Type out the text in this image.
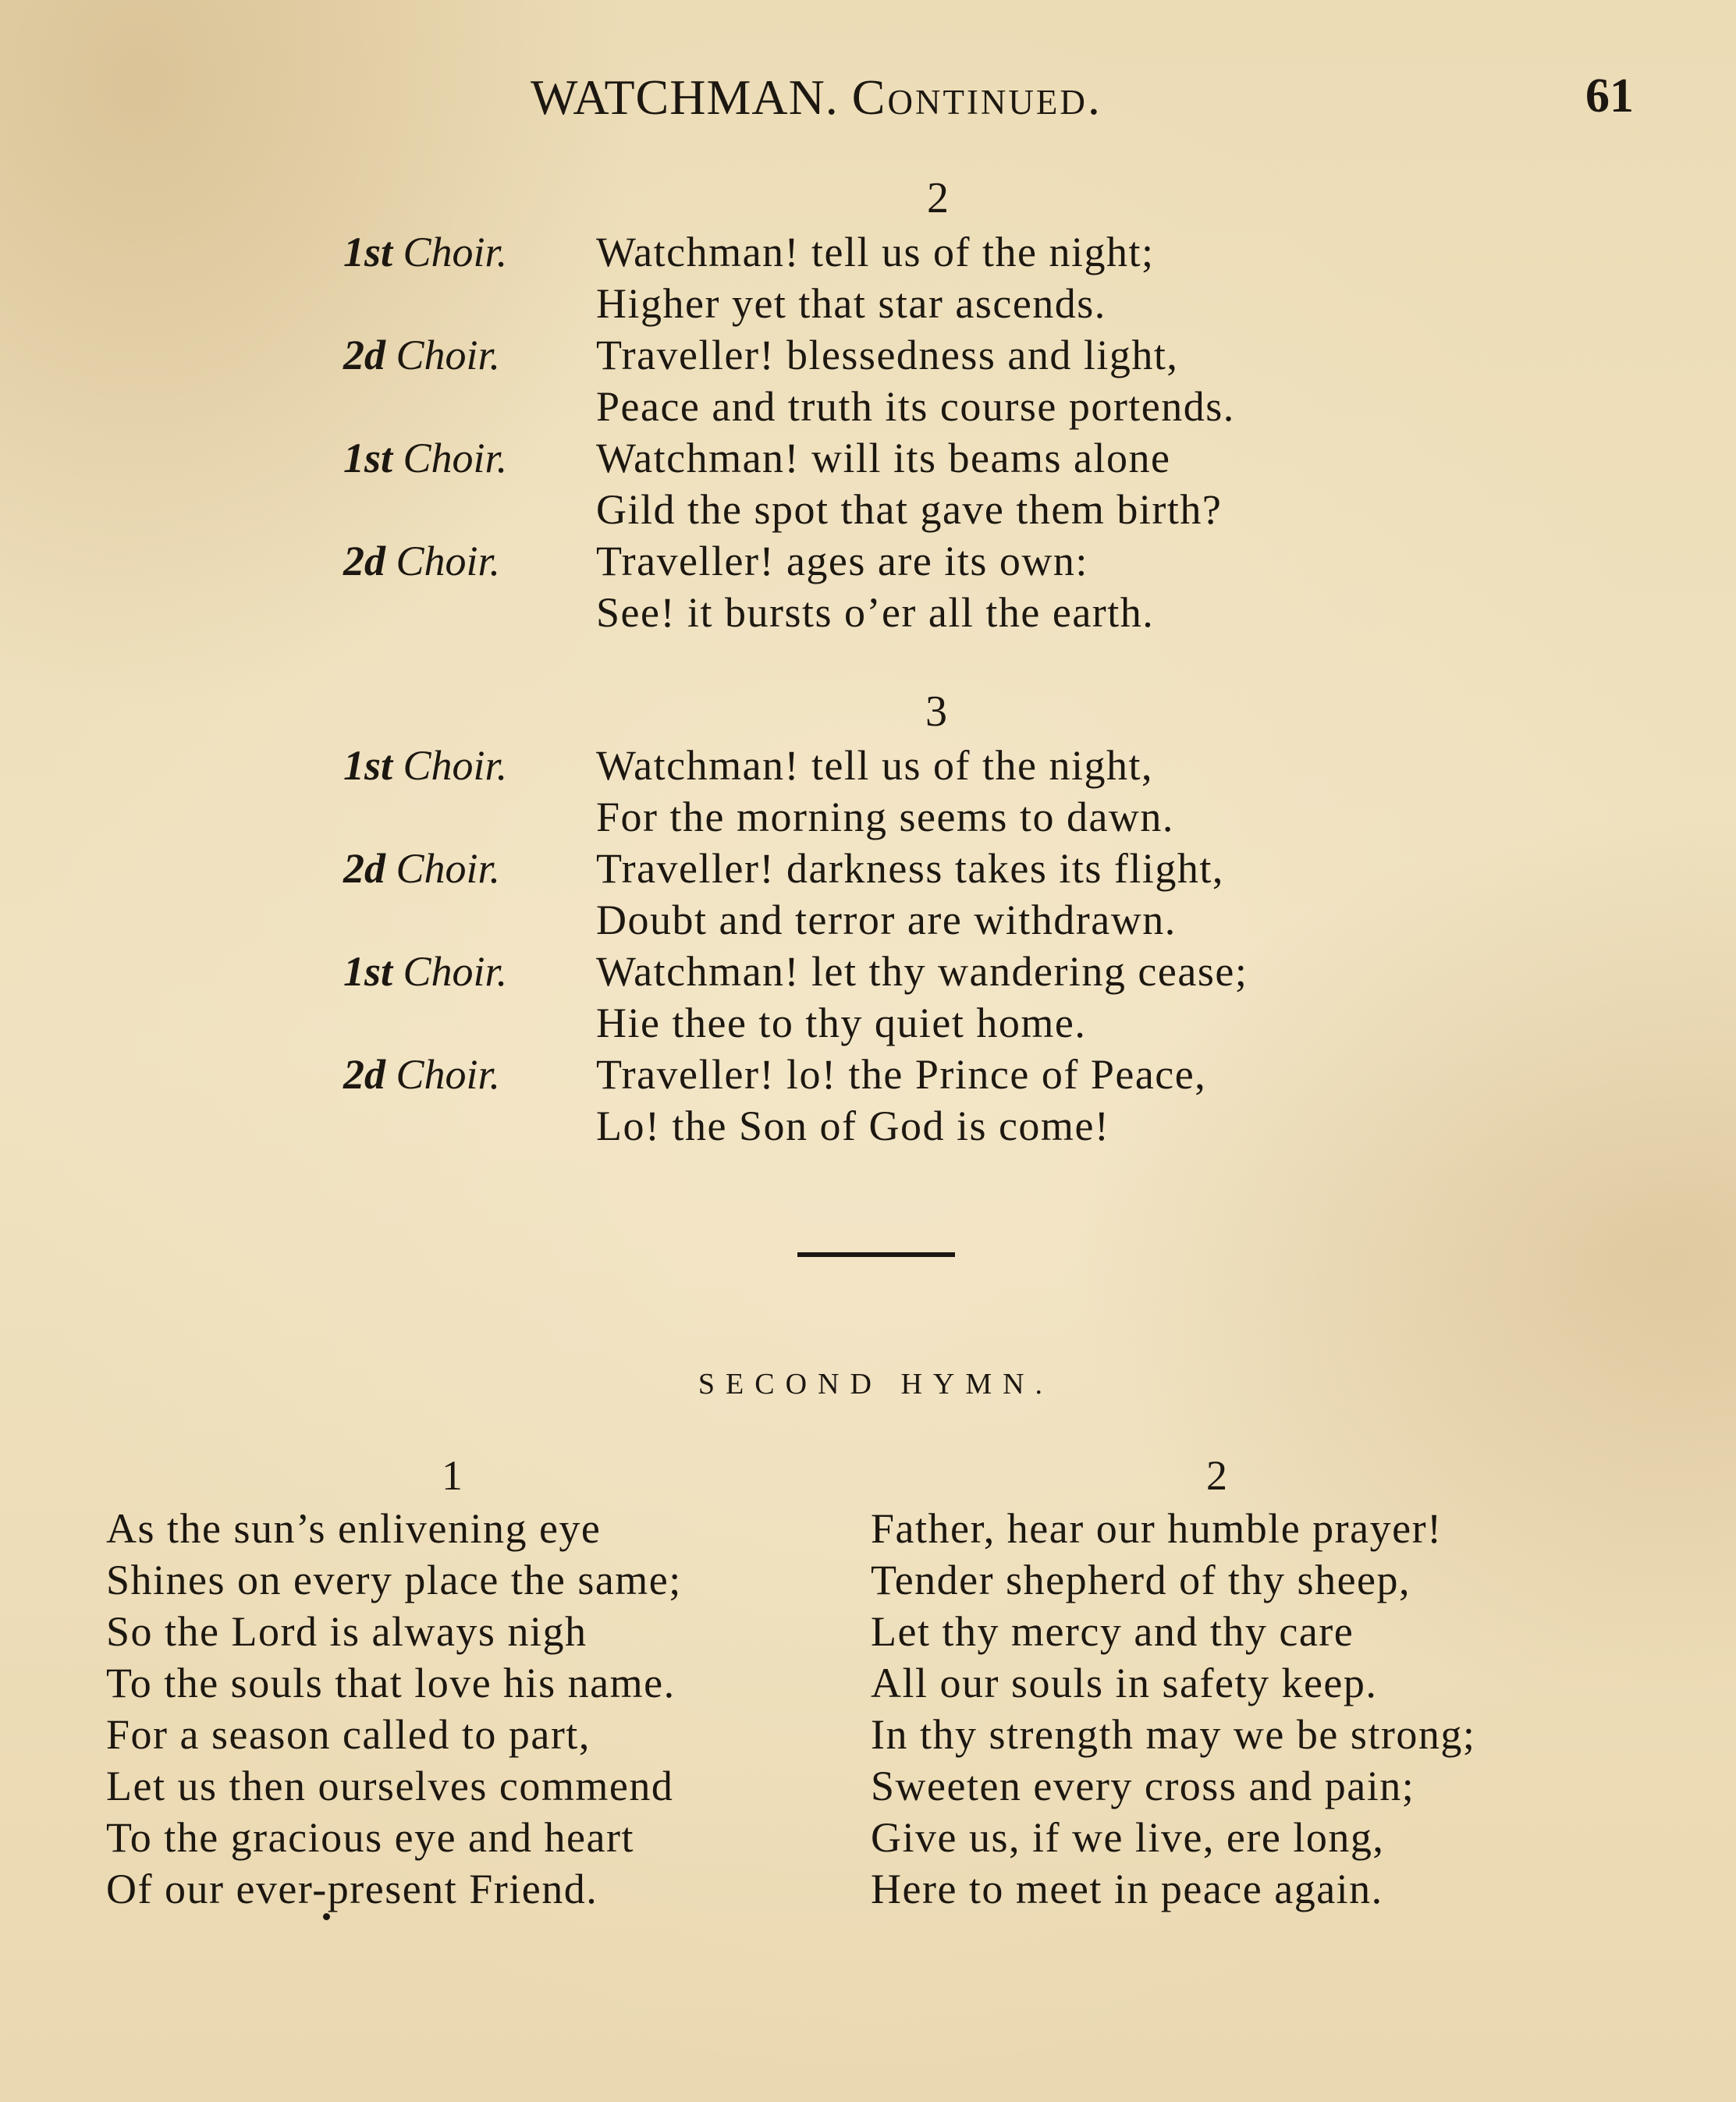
WATCHMAN. Continued.	61
2
1st Choir.	Watchman! tell us of the night;
Higher yet that star ascends.
2d Choir.	Traveller! blessedness and light,
Peace and truth its course portends.
1st Choir.	Watchman! will its beams alone
Gild the spot that gave them birth?
2d Choir.	Traveller! ages are its own:
See! it bursts o’er all the earth.
3
1st Choir.	Watchman! tell us of the night,
For the morning seems to dawn.
2d Choir.	Traveller! darkness takes its flight,
Doubt and terror are withdrawn.
1st Choir.	Watchman! let thy wandering cease;
Hie thee to thy quiet home.
2d Choir.	Traveller! lo! the Prince of Peace,
Lo! the Son of God is come!
SECOND HYMN.
1
As the sun’s enlivening eye
Shines on every place the same;
So the Lord is always nigh
To the souls that love his name.
For a season called to part,
Let us then ourselves commend
To the gracious eye and heart
Of our ever-present Friend.
2
Father, hear our humble prayer!
Tender shepherd of thy sheep,
Let thy mercy and thy care
All our souls in safety keep.
In thy strength may we be strong;
Sweeten every cross and pain;
Give us, if we live, ere long,
Here to meet in peace again.
